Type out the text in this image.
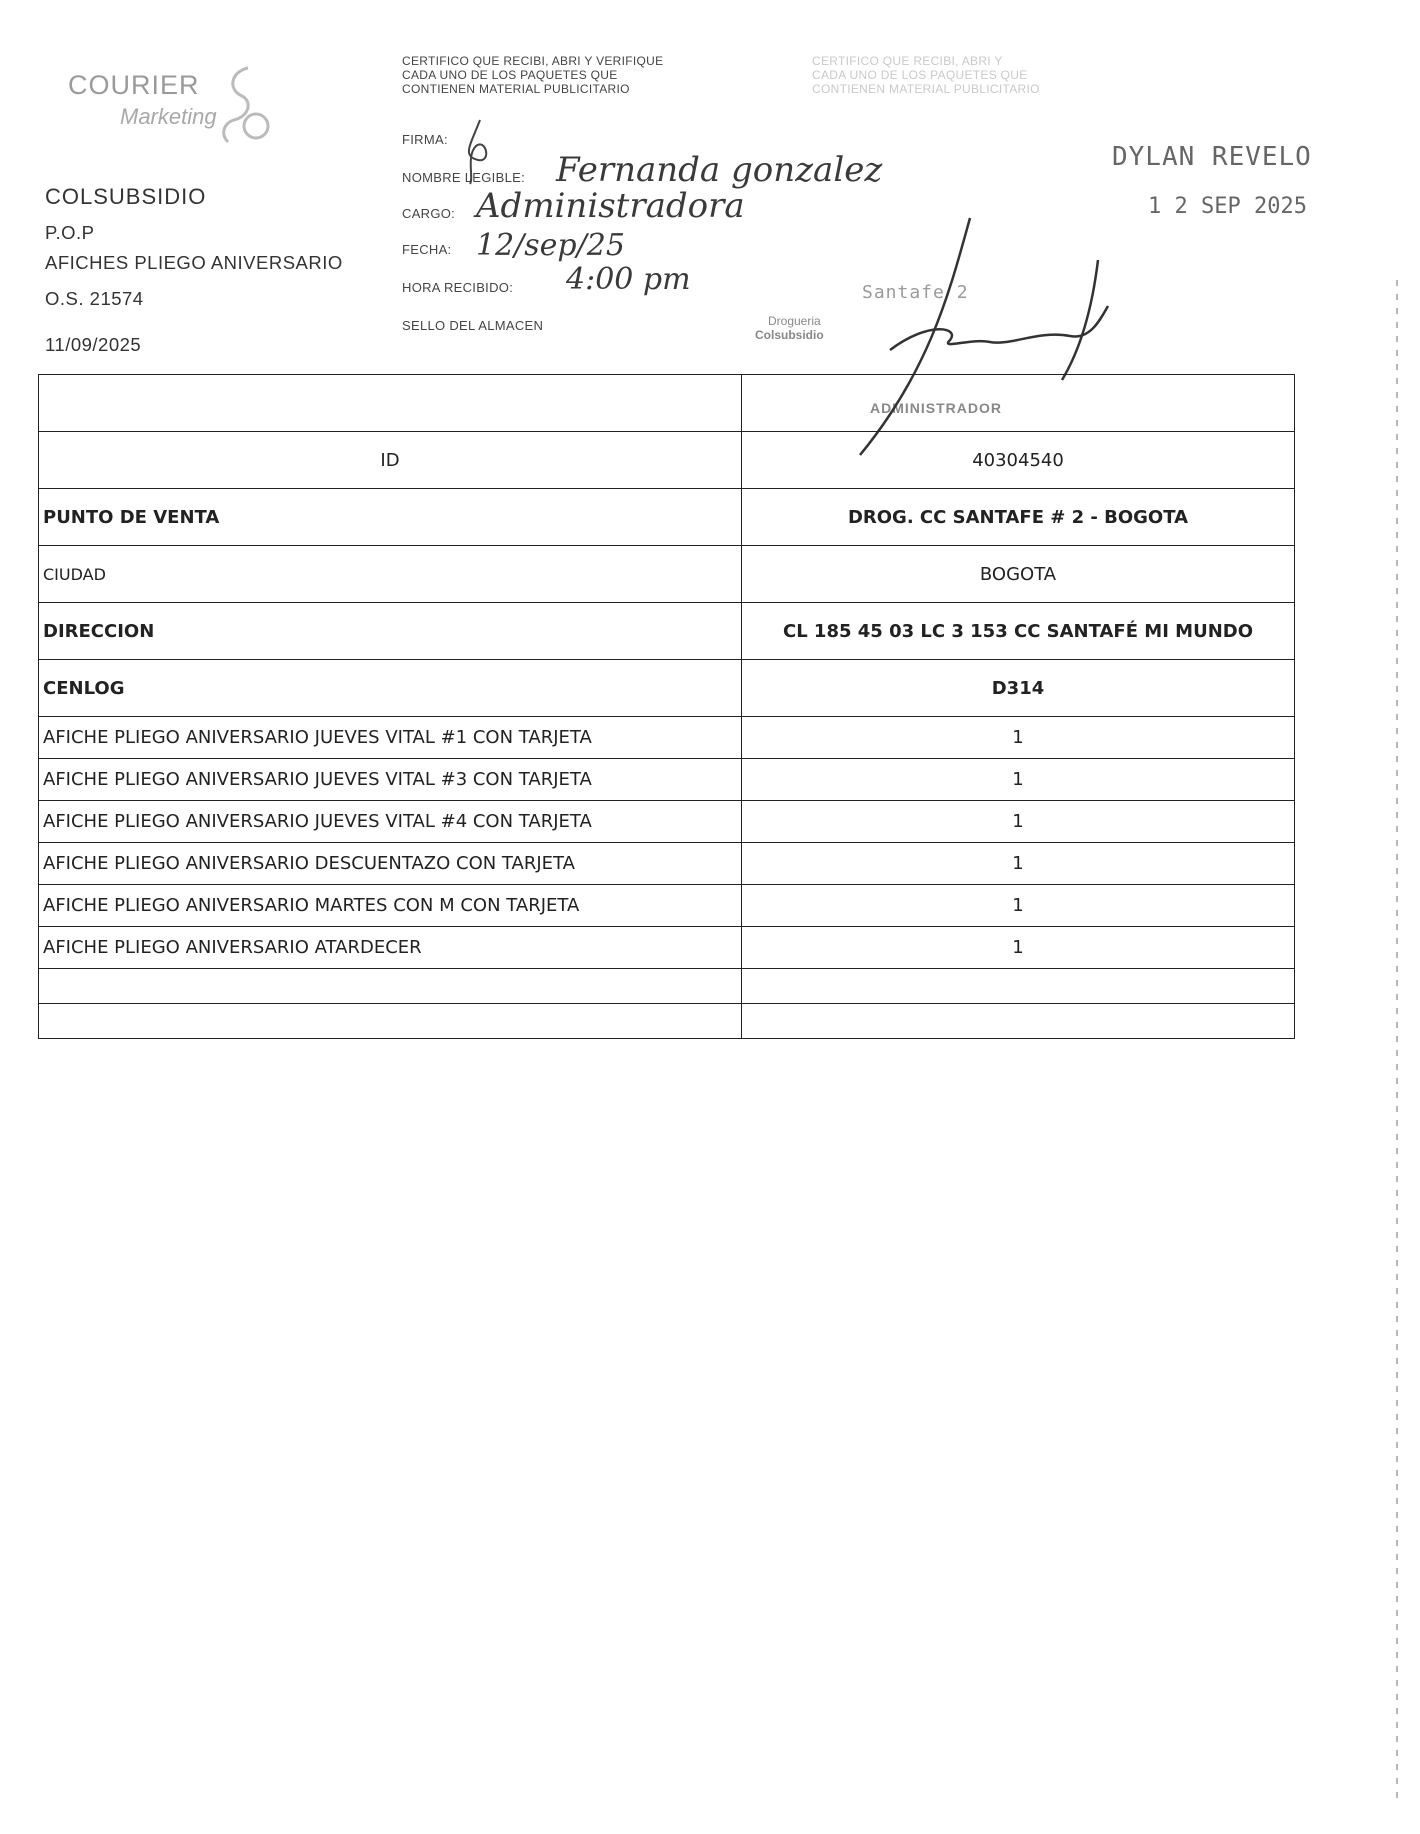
COURIER
Marketing
COLSUBSIDIO
P.O.P
AFICHES PLIEGO ANIVERSARIO
O.S. 21574
11/09/2025
CERTIFICO QUE RECIBI, ABRI Y VERIFIQUE
CADA UNO DE LOS PAQUETES QUE
CONTIENEN MATERIAL PUBLICITARIO
CERTIFICO QUE RECIBI, ABRI Y
CADA UNO DE LOS PAQUETES QUE
CONTIENEN MATERIAL PUBLICITARIO
FIRMA:
NOMBRE LEGIBLE: Fernanda gonzalez
CARGO: Administradora
FECHA: 12/sep/25
HORA RECIBIDO: 4:00 pm
SELLO DEL ALMACEN
DYLAN REVELO
1 2 SEP 2025
Santafe 2
Drogueria
Colsubsidio
ADMINISTRADOR

ID	40304540
PUNTO DE VENTA	DROG. CC SANTAFE # 2 - BOGOTA
CIUDAD	BOGOTA
DIRECCION	CL 185 45 03 LC 3 153 CC SANTAFÉ MI MUNDO
CENLOG	D314
AFICHE PLIEGO ANIVERSARIO JUEVES VITAL #1 CON TARJETA	1
AFICHE PLIEGO ANIVERSARIO JUEVES VITAL #3 CON TARJETA	1
AFICHE PLIEGO ANIVERSARIO JUEVES VITAL #4 CON TARJETA	1
AFICHE PLIEGO ANIVERSARIO DESCUENTAZO CON TARJETA	1
AFICHE PLIEGO ANIVERSARIO MARTES CON M CON TARJETA	1
AFICHE PLIEGO ANIVERSARIO ATARDECER	1
